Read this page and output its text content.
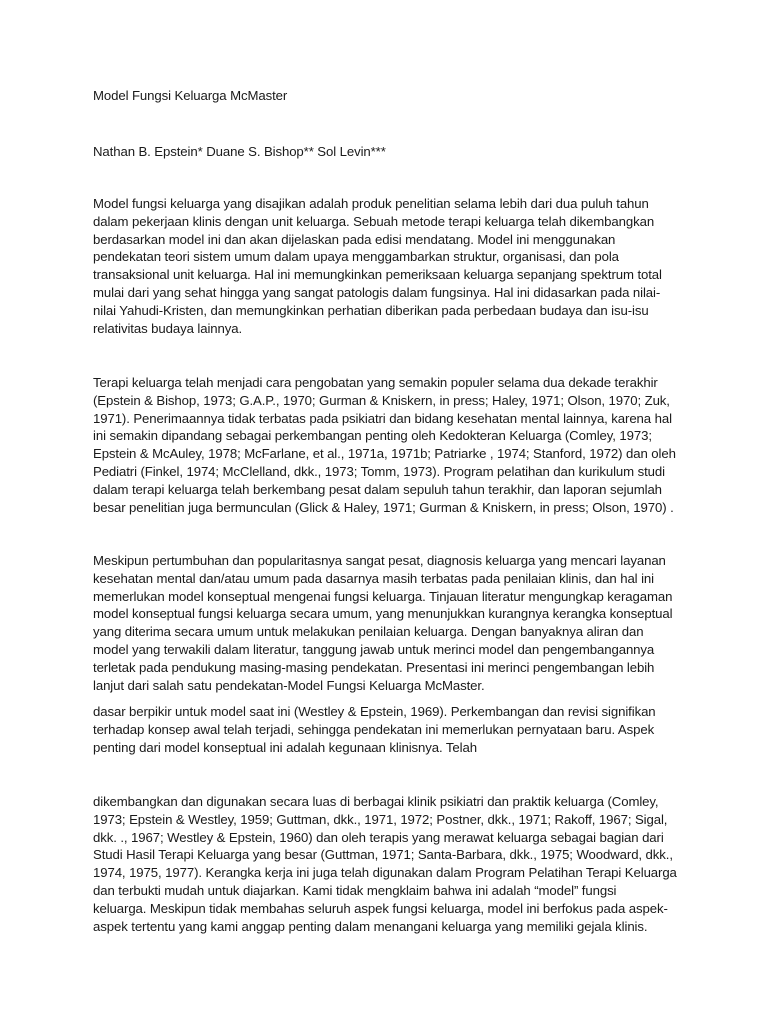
Model Fungsi Keluarga McMaster
Nathan B. Epstein* Duane S. Bishop** Sol Levin***
Model fungsi keluarga yang disajikan adalah produk penelitian selama lebih dari dua puluh tahun
dalam pekerjaan klinis dengan unit keluarga. Sebuah metode terapi keluarga telah dikembangkan
berdasarkan model ini dan akan dijelaskan pada edisi mendatang. Model ini menggunakan
pendekatan teori sistem umum dalam upaya menggambarkan struktur, organisasi, dan pola
transaksional unit keluarga. Hal ini memungkinkan pemeriksaan keluarga sepanjang spektrum total
mulai dari yang sehat hingga yang sangat patologis dalam fungsinya. Hal ini didasarkan pada nilai-
nilai Yahudi-Kristen, dan memungkinkan perhatian diberikan pada perbedaan budaya dan isu-isu
relativitas budaya lainnya.
Terapi keluarga telah menjadi cara pengobatan yang semakin populer selama dua dekade terakhir
(Epstein & Bishop, 1973; G.A.P., 1970; Gurman & Kniskern, in press; Haley, 1971; Olson, 1970; Zuk,
1971). Penerimaannya tidak terbatas pada psikiatri dan bidang kesehatan mental lainnya, karena hal
ini semakin dipandang sebagai perkembangan penting oleh Kedokteran Keluarga (Comley, 1973;
Epstein & McAuley, 1978; McFarlane, et al., 1971a, 1971b; Patriarke , 1974; Stanford, 1972) dan oleh
Pediatri (Finkel, 1974; McClelland, dkk., 1973; Tomm, 1973). Program pelatihan dan kurikulum studi
dalam terapi keluarga telah berkembang pesat dalam sepuluh tahun terakhir, dan laporan sejumlah
besar penelitian juga bermunculan (Glick & Haley, 1971; Gurman & Kniskern, in press; Olson, 1970) .
Meskipun pertumbuhan dan popularitasnya sangat pesat, diagnosis keluarga yang mencari layanan
kesehatan mental dan/atau umum pada dasarnya masih terbatas pada penilaian klinis, dan hal ini
memerlukan model konseptual mengenai fungsi keluarga. Tinjauan literatur mengungkap keragaman
model konseptual fungsi keluarga secara umum, yang menunjukkan kurangnya kerangka konseptual
yang diterima secara umum untuk melakukan penilaian keluarga. Dengan banyaknya aliran dan
model yang terwakili dalam literatur, tanggung jawab untuk merinci model dan pengembangannya
terletak pada pendukung masing-masing pendekatan. Presentasi ini merinci pengembangan lebih
lanjut dari salah satu pendekatan-Model Fungsi Keluarga McMaster.
dasar berpikir untuk model saat ini (Westley & Epstein, 1969). Perkembangan dan revisi signifikan
terhadap konsep awal telah terjadi, sehingga pendekatan ini memerlukan pernyataan baru. Aspek
penting dari model konseptual ini adalah kegunaan klinisnya. Telah
dikembangkan dan digunakan secara luas di berbagai klinik psikiatri dan praktik keluarga (Comley,
1973; Epstein & Westley, 1959; Guttman, dkk., 1971, 1972; Postner, dkk., 1971; Rakoff, 1967; Sigal,
dkk. ., 1967; Westley & Epstein, 1960) dan oleh terapis yang merawat keluarga sebagai bagian dari
Studi Hasil Terapi Keluarga yang besar (Guttman, 1971; Santa-Barbara, dkk., 1975; Woodward, dkk.,
1974, 1975, 1977). Kerangka kerja ini juga telah digunakan dalam Program Pelatihan Terapi Keluarga
dan terbukti mudah untuk diajarkan. Kami tidak mengklaim bahwa ini adalah “model” fungsi
keluarga. Meskipun tidak membahas seluruh aspek fungsi keluarga, model ini berfokus pada aspek-
aspek tertentu yang kami anggap penting dalam menangani keluarga yang memiliki gejala klinis.
